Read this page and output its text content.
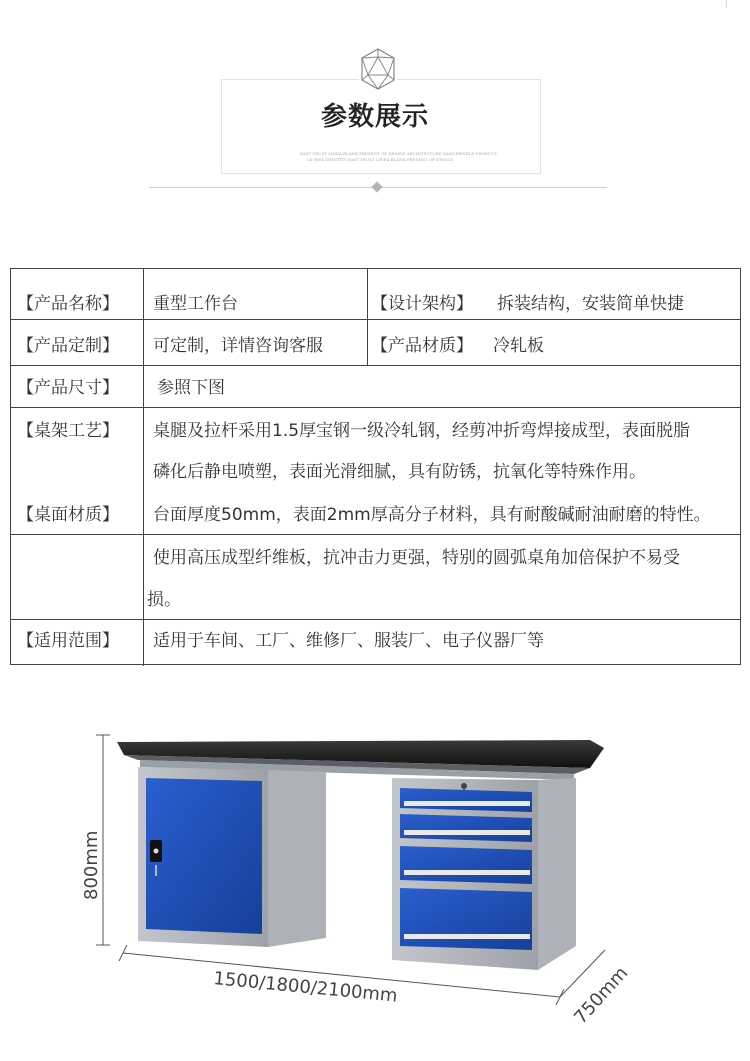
参数展示
EAST TRUST LINEA BLANK PRESENT OF DESIGN ARCHITECTURE DANGERFIELD PRODUCT
CE RISK IDENTITY EAST TRUST LINEA BLANK PRESENT OF DESIGN
【产品名称】 重型工作台	【设计架构】 拆装结构，安装简单快捷
【产品定制】 可定制，详情咨询客服	【产品材质】 冷轧板
【产品尺寸】 参照下图
【桌架工艺】 桌腿及拉杆采用1.5厚宝钢一级冷轧钢，经剪冲折弯焊接成型，表面脱脂
磷化后静电喷塑，表面光滑细腻，具有防锈，抗氧化等特殊作用。
【桌面材质】 台面厚度50mm，表面2mm厚高分子材料，具有耐酸碱耐油耐磨的特性。
使用高压成型纤维板，抗冲击力更强，特别的圆弧桌角加倍保护不易受
损。
【适用范围】 适用于车间、工厂、维修厂、服装厂、电子仪器厂等
800mm
1500/1800/2100mm	750mm
